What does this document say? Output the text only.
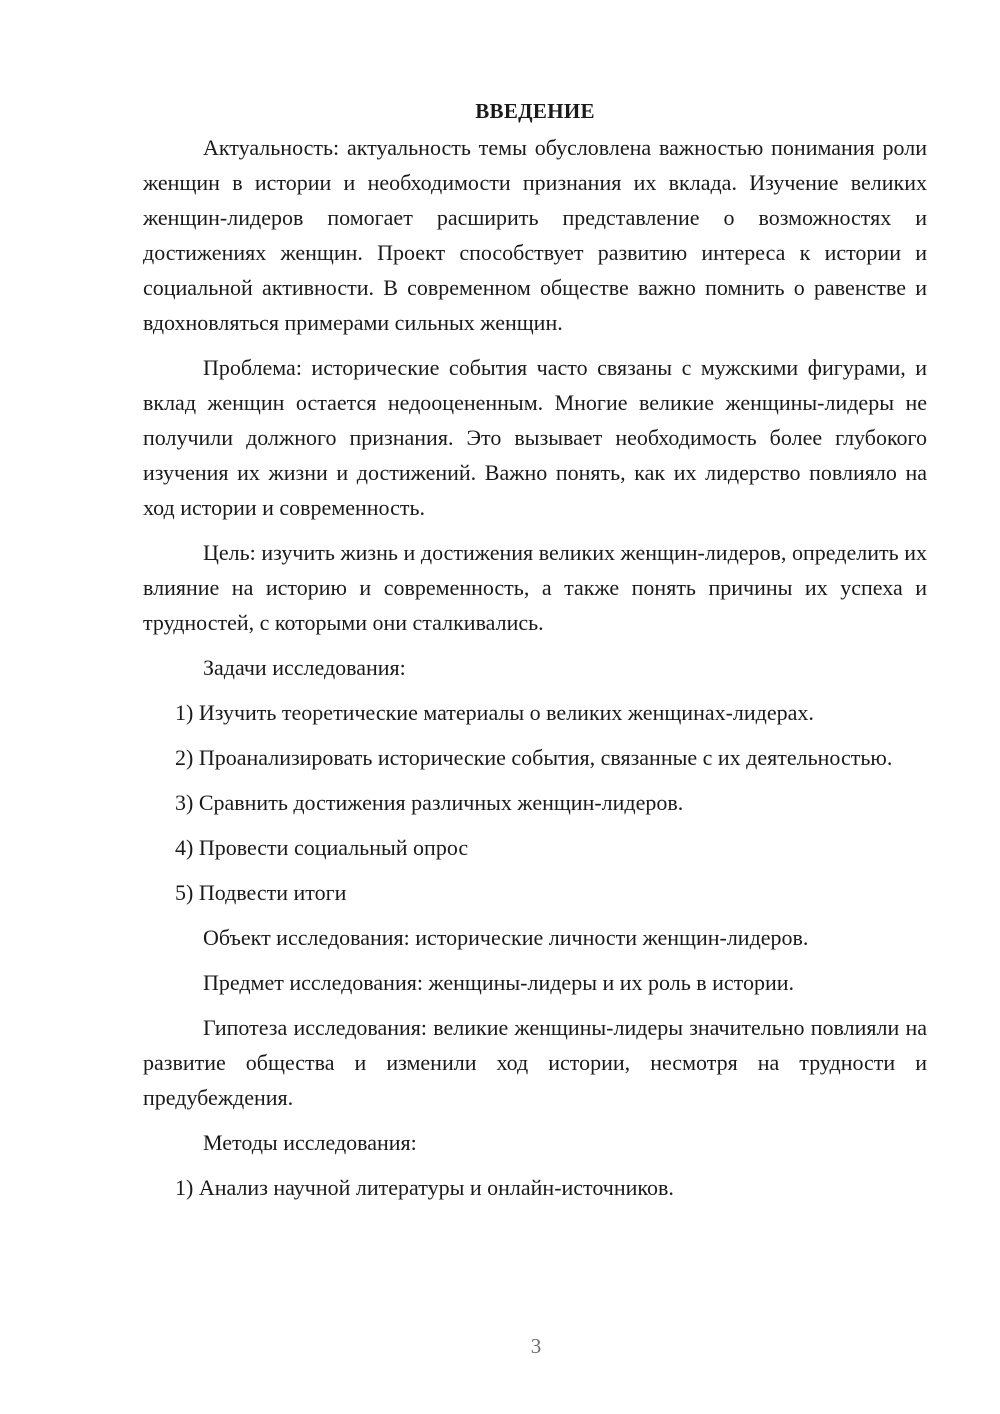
ВВЕДЕНИЕ

Актуальность: актуальность темы обусловлена важностью понимания роли женщин в истории и необходимости признания их вклада. Изучение великих женщин-лидеров помогает расширить представление о возможностях и достижениях женщин. Проект способствует развитию интереса к истории и социальной активности. В современном обществе важно помнить о равенстве и вдохновляться примерами сильных женщин.

Проблема: исторические события часто связаны с мужскими фигурами, и вклад женщин остается недооцененным. Многие великие женщины-лидеры не получили должного признания. Это вызывает необходимость более глубокого изучения их жизни и достижений. Важно понять, как их лидерство повлияло на ход истории и современность.

Цель: изучить жизнь и достижения великих женщин-лидеров, определить их влияние на историю и современность, а также понять причины их успеха и трудностей, с которыми они сталкивались.

Задачи исследования:

1) Изучить теоретические материалы о великих женщинах-лидерах.

2) Проанализировать исторические события, связанные с их деятельностью.

3) Сравнить достижения различных женщин-лидеров.

4) Провести социальный опрос

5) Подвести итоги

Объект исследования: исторические личности женщин-лидеров.

Предмет исследования: женщины-лидеры и их роль в истории.

Гипотеза исследования: великие женщины-лидеры значительно повлияли на развитие общества и изменили ход истории, несмотря на трудности и предубеждения.

Методы исследования:

1) Анализ научной литературы и онлайн-источников.

3
